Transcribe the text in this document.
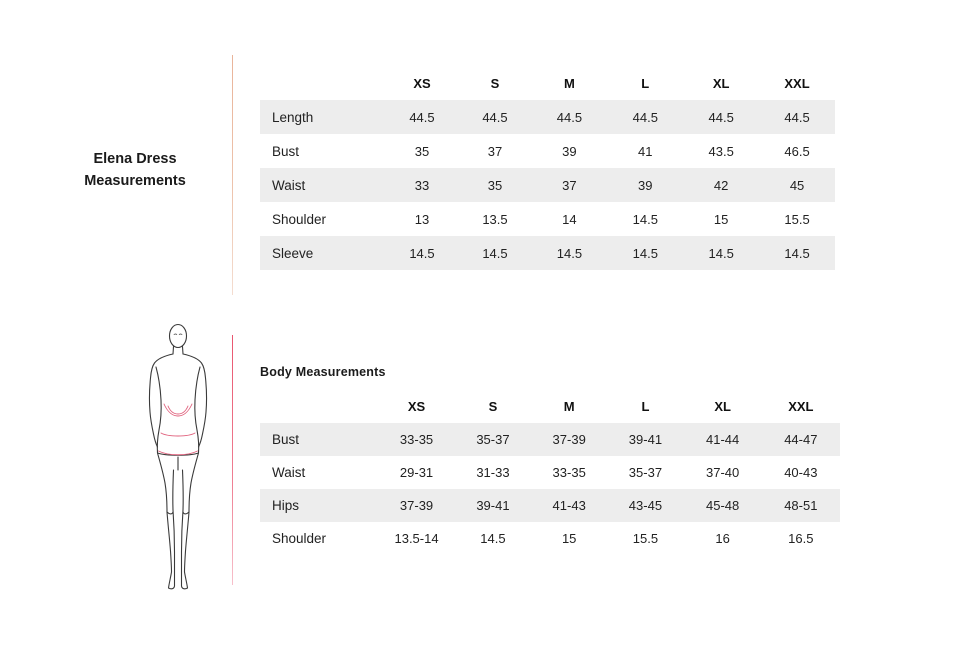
Elena Dress
Measurements
	XS	S	M	L	XL	XXL
Length	44.5	44.5	44.5	44.5	44.5	44.5
Bust	35	37	39	41	43.5	46.5
Waist	33	35	37	39	42	45
Shoulder	13	13.5	14	14.5	15	15.5
Sleeve	14.5	14.5	14.5	14.5	14.5	14.5
Body Measurements
	XS	S	M	L	XL	XXL
Bust	33-35	35-37	37-39	39-41	41-44	44-47
Waist	29-31	31-33	33-35	35-37	37-40	40-43
Hips	37-39	39-41	41-43	43-45	45-48	48-51
Shoulder	13.5-14	14.5	15	15.5	16	16.5
